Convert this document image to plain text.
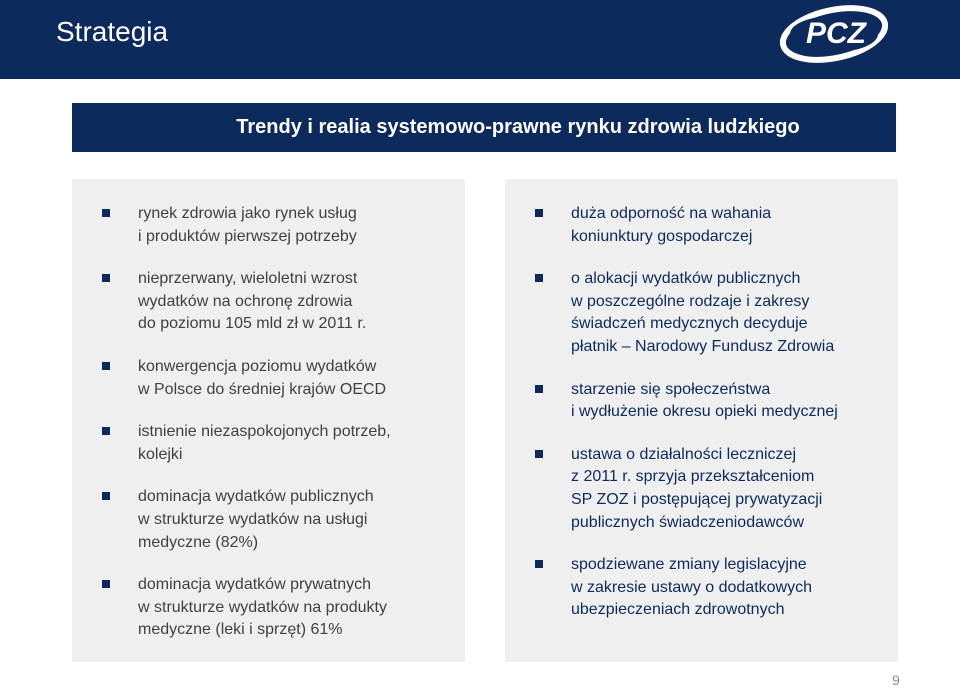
Strategia	PCZ
Trendy i realia systemowo-prawne rynku zdrowia ludzkiego
rynek zdrowia jako rynek usług
i produktów pierwszej potrzeby
nieprzerwany, wieloletni wzrost
wydatków na ochronę zdrowia
do poziomu 105 mld zł w 2011 r.
konwergencja poziomu wydatków
w Polsce do średniej krajów OECD
istnienie niezaspokojonych potrzeb,
kolejki
dominacja wydatków publicznych
w strukturze wydatków na usługi
medyczne (82%)
dominacja wydatków prywatnych
w strukturze wydatków na produkty
medyczne (leki i sprzęt) 61%
duża odporność na wahania
koniunktury gospodarczej
o alokacji wydatków publicznych
w poszczególne rodzaje i zakresy
świadczeń medycznych decyduje
płatnik – Narodowy Fundusz Zdrowia
starzenie się społeczeństwa
i wydłużenie okresu opieki medycznej
ustawa o działalności leczniczej
z 2011 r. sprzyja przekształceniom
SP ZOZ i postępującej prywatyzacji
publicznych świadczeniodawców
spodziewane zmiany legislacyjne
w zakresie ustawy o dodatkowych
ubezpieczeniach zdrowotnych
9
